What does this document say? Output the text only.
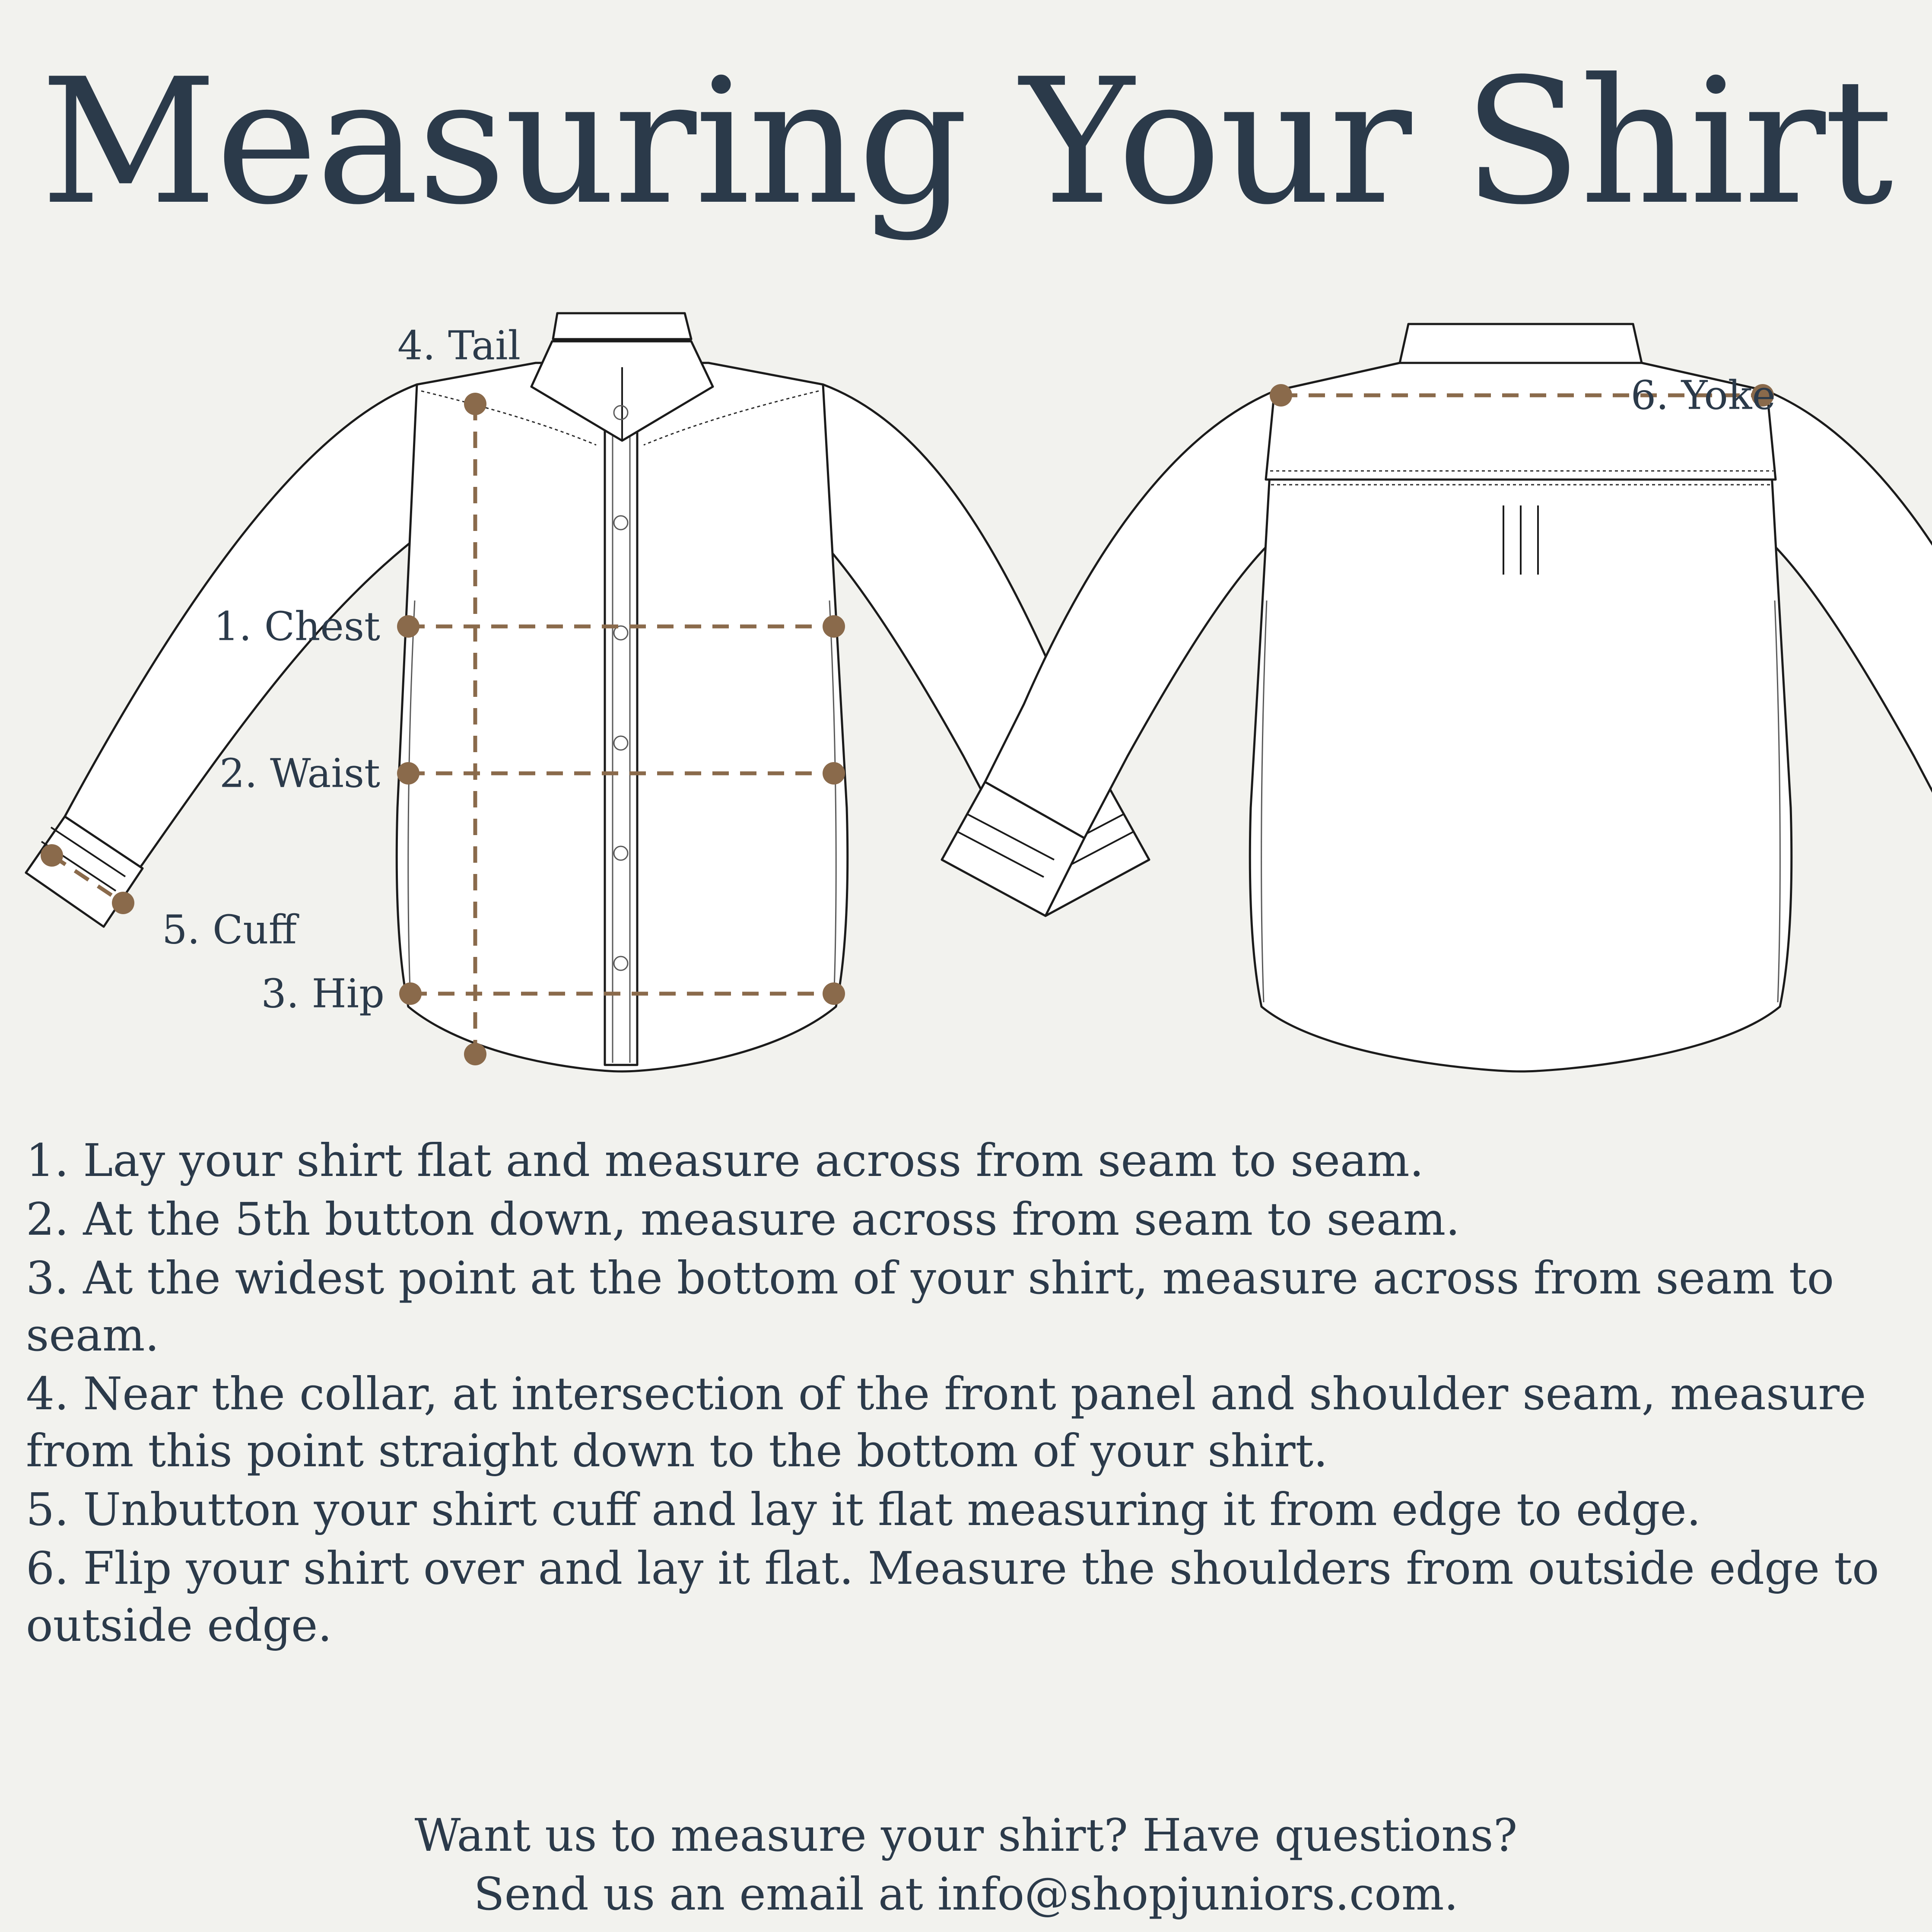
Measuring Your Shirt
1. Chest
2. Waist
3. Hip
4. Tail
5. Cuff
6. Yoke

1. Lay your shirt flat and measure across from seam to seam.

2. At the 5th button down, measure across from seam to seam.

3. At the widest point at the bottom of your shirt, measure across from seam to seam.

4. Near the collar, at intersection of the front panel and shoulder seam, measure from this point straight down to the bottom of your shirt.

5. Unbutton your shirt cuff and lay it flat measuring it from edge to edge.

6. Flip your shirt over and lay it flat. Measure the shoulders from outside edge to outside edge.

Want us to measure your shirt? Have questions?

Send us an email at info@shopjuniors.com.
